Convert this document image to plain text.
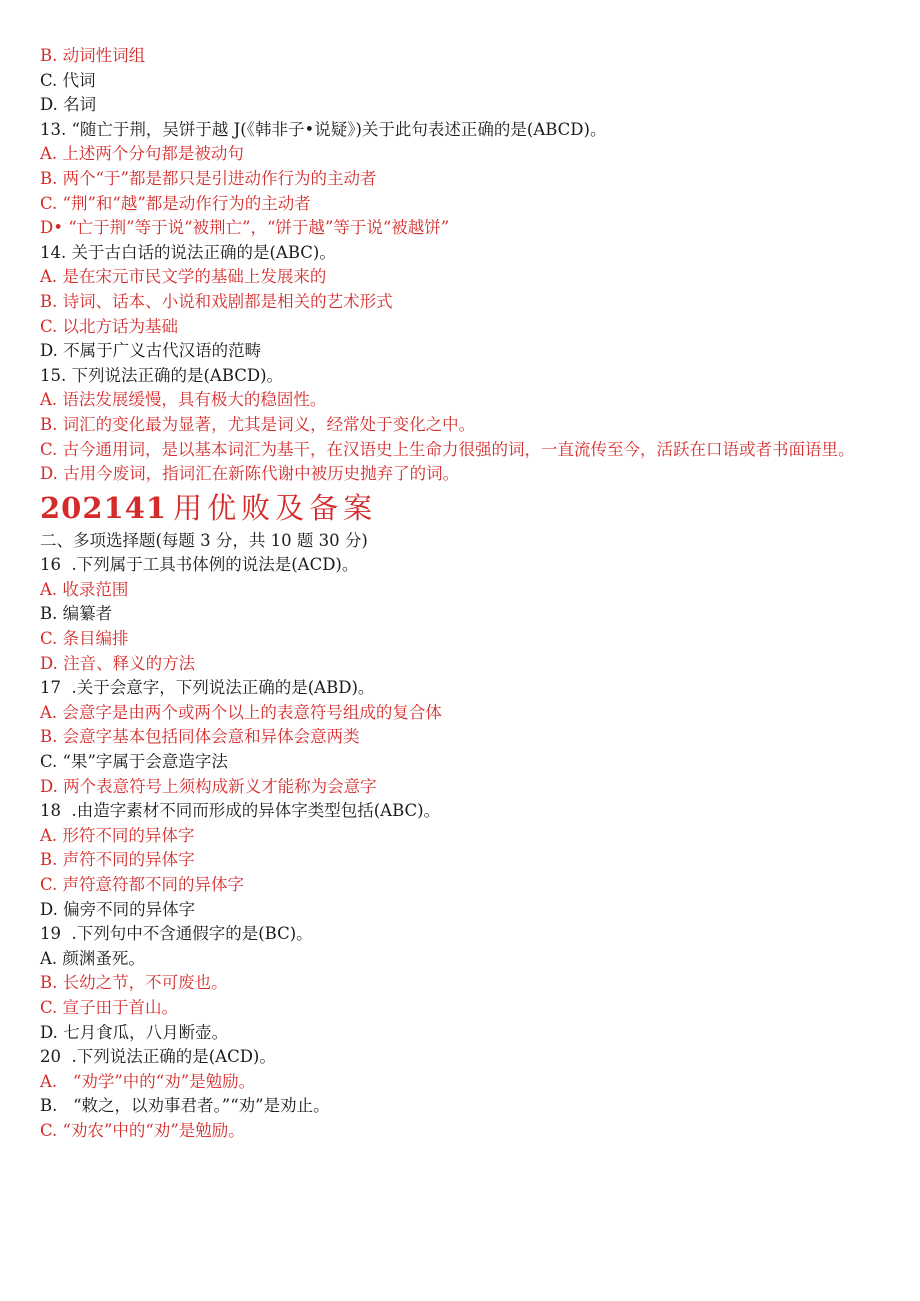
B. 动词性词组
C. 代词
D. 名词
13. “随亡于荆，吴饼于越 J(《韩非子•说疑》)关于此句表述正确的是(ABCD)。
A. 上述两个分句都是被动句
B. 两个“于”都是都只是引进动作行为的主动者
C. “荆”和“越”都是动作行为的主动者
D• “亡于荆”等于说“被荆亡”，“饼于越”等于说“被越饼”
14. 关于古白话的说法正确的是(ABC)。
A. 是在宋元市民文学的基础上发展来的
B. 诗词、话本、小说和戏剧都是相关的艺术形式
C. 以北方话为基础
D. 不属于广义古代汉语的范畴
15. 下列说法正确的是(ABCD)。
A. 语法发展缓慢，具有极大的稳固性。
B. 词汇的变化最为显著，尤其是词义，经常处于变化之中。
C. 古今通用词，是以基本词汇为基干，在汉语史上生命力很强的词，一直流传至今，活跃在口语或者书面语里。
D. 古用今废词，指词汇在新陈代谢中被历史抛弃了的词。
202141 用优败及备案
二、多项选择题(每题 3 分，共 10 题 30 分)
16  .下列属于工具书体例的说法是(ACD)。
A. 收录范围
B. 编纂者
C. 条目编排
D. 注音、释义的方法
17  .关于会意字，下列说法正确的是(ABD)。
A. 会意字是由两个或两个以上的表意符号组成的复合体
B. 会意字基本包括同体会意和异体会意两类
C. “果”字属于会意造字法
D. 两个表意符号上须构成新义才能称为会意字
18  .由造字素材不同而形成的异体字类型包括(ABC)。
A. 形符不同的异体字
B. 声符不同的异体字
C. 声符意符都不同的异体字
D. 偏旁不同的异体字
19  .下列句中不含通假字的是(BC)。
A. 颜渊蚤死。
B. 长幼之节，不可废也。
C. 宣子田于首山。
D. 七月食瓜，八月断壶。
20  .下列说法正确的是(ACD)。
A.   “劝学”中的“劝”是勉励。
B.   “敕之，以劝事君者。”“劝”是劝止。
C. “劝农”中的“劝”是勉励。
